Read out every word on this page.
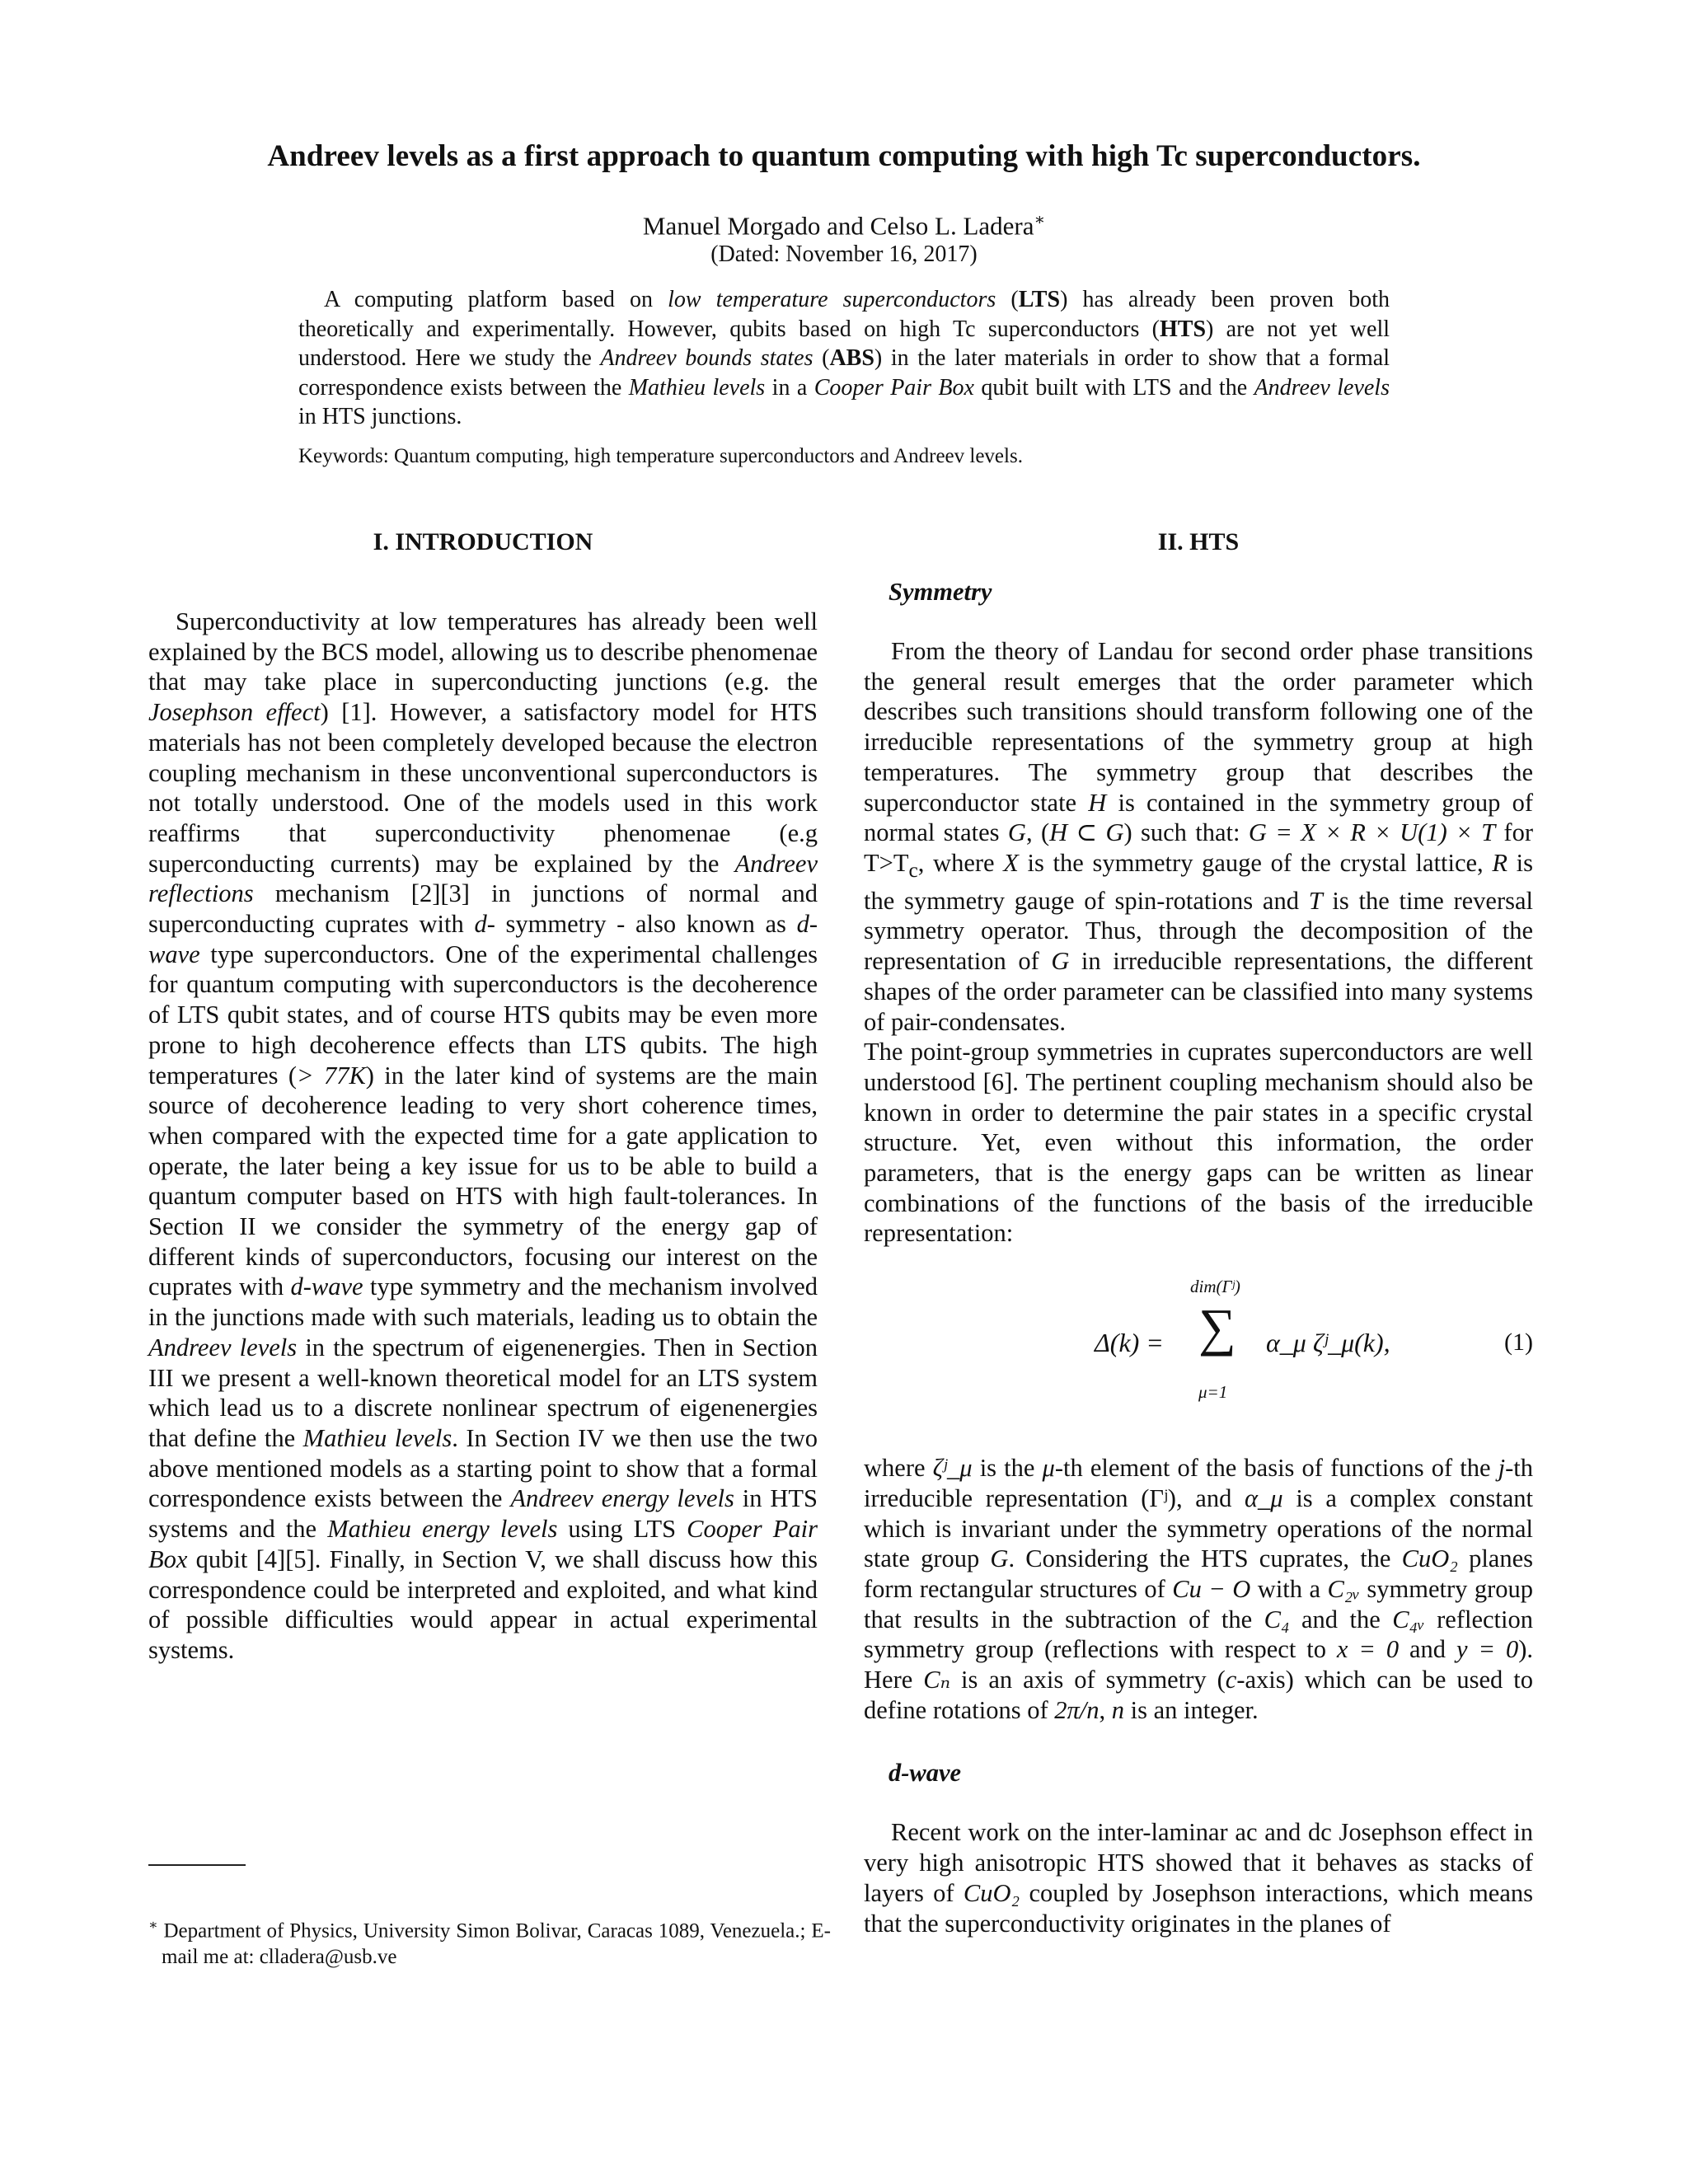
Andreev levels as a first approach to quantum computing with high Tc superconductors.
Manuel Morgado and Celso L. Ladera∗
(Dated: November 16, 2017)
A computing platform based on low temperature superconductors (LTS) has already been proven both theoretically and experimentally. However, qubits based on high Tc superconductors (HTS) are not yet well understood. Here we study the Andreev bounds states (ABS) in the later materials in order to show that a formal correspondence exists between the Mathieu levels in a Cooper Pair Box qubit built with LTS and the Andreev levels in HTS junctions.
Keywords: Quantum computing, high temperature superconductors and Andreev levels.
I. INTRODUCTION

Superconductivity at low temperatures has already been well explained by the BCS model, allowing us to describe phenomenae that may take place in superconducting junctions (e.g. the Josephson effect) [1]. However, a satisfactory model for HTS materials has not been completely developed because the electron coupling mechanism in these unconventional superconductors is not totally understood. One of the models used in this work reaffirms that superconductivity phenomenae (e.g superconducting currents) may be explained by the Andreev reflections mechanism [2][3] in junctions of normal and superconducting cuprates with d- symmetry - also known as d-wave type superconductors. One of the experimental challenges for quantum computing with superconductors is the decoherence of LTS qubit states, and of course HTS qubits may be even more prone to high decoherence effects than LTS qubits. The high temperatures (> 77K) in the later kind of systems are the main source of decoherence leading to very short coherence times, when compared with the expected time for a gate application to operate, the later being a key issue for us to be able to build a quantum computer based on HTS with high fault-tolerances. In Section II we consider the symmetry of the energy gap of different kinds of superconductors, focusing our interest on the cuprates with d-wave type symmetry and the mechanism involved in the junctions made with such materials, leading us to obtain the Andreev levels in the spectrum of eigenenergies. Then in Section III we present a well-known theoretical model for an LTS system which lead us to a discrete nonlinear spectrum of eigenenergies that define the Mathieu levels. In Section IV we then use the two above mentioned models as a starting point to show that a formal correspondence exists between the Andreev energy levels in HTS systems and the Mathieu energy levels using LTS Cooper Pair Box qubit [4][5]. Finally, in Section V, we shall discuss how this correspondence could be interpreted and exploited, and what kind of possible difficulties would appear in actual experimental systems.

II. HTS
Symmetry

From the theory of Landau for second order phase transitions the general result emerges that the order parameter which describes such transitions should transform following one of the irreducible representations of the symmetry group at high temperatures. The symmetry group that describes the superconductor state H is contained in the symmetry group of normal states G, (H ⊂ G) such that: G = X × R × U(1) × T for $T>T_c$, where X is the symmetry gauge of the crystal lattice, R is the symmetry gauge of spin-rotations and T is the time reversal symmetry operator. Thus, through the decomposition of the representation of G in irreducible representations, the different shapes of the order parameter can be classified into many systems of pair-condensates.

The point-group symmetries in cuprates superconductors are well understood [6]. The pertinent coupling mechanism should also be known in order to determine the pair states in a specific crystal structure. Yet, even without this information, the order parameters, that is the energy gaps can be written as linear combinations of the functions of the basis of the irreducible representation:

Δ(k) =
dim(Γʲ)
∑
μ=1
α_μ ζʲ_μ(k),	(1)

where ζʲ_μ is the μ-th element of the basis of functions of the j-th irreducible representation (Γʲ), and α_μ is a complex constant which is invariant under the symmetry operations of the normal state group G. Considering the HTS cuprates, the CuO₂ planes form rectangular structures of Cu − O with a C₂ᵥ symmetry group that results in the subtraction of the C₄ and the C₄ᵥ reflection symmetry group (reflections with respect to x = 0 and y = 0). Here Cₙ is an axis of symmetry (c-axis) which can be used to define rotations of 2π/n, n is an integer.

d-wave

Recent work on the inter-laminar ac and dc Josephson effect in very high anisotropic HTS showed that it behaves as stacks of layers of CuO₂ coupled by Josephson interactions, which means that the superconductivity originates in the planes of

∗ Department of Physics, University Simon Bolivar, Caracas 1089, Venezuela.; E-mail me at: clladera@usb.ve
